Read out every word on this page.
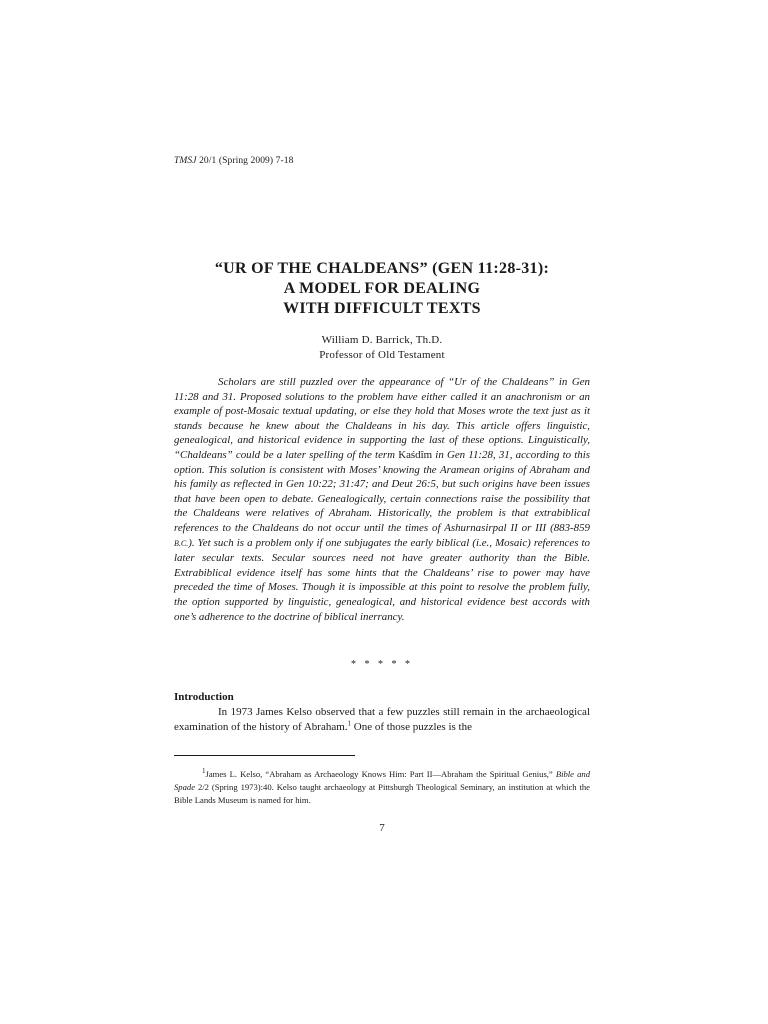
TMSJ 20/1 (Spring 2009) 7-18
“UR OF THE CHALDEANS” (GEN 11:28-31):
A MODEL FOR DEALING
WITH DIFFICULT TEXTS
William D. Barrick, Th.D.
Professor of Old Testament

Scholars are still puzzled over the appearance of “Ur of the Chaldeans” in Gen 11:28 and 31. Proposed solutions to the problem have either called it an anachronism or an example of post-Mosaic textual updating, or else they hold that Moses wrote the text just as it stands because he knew about the Chaldeans in his day. This article offers linguistic, genealogical, and historical evidence in supporting the last of these options. Linguistically, “Chaldeans” could be a later spelling of the term Kaśdîm in Gen 11:28, 31, according to this option. This solution is consistent with Moses’ knowing the Aramean origins of Abraham and his family as reflected in Gen 10:22; 31:47; and Deut 26:5, but such origins have been issues that have been open to debate. Genealogically, certain connections raise the possibility that the Chaldeans were relatives of Abraham. Historically, the problem is that extrabiblical references to the Chaldeans do not occur until the times of Ashurnasirpal II or III (883-859 B.C.). Yet such is a problem only if one subjugates the early biblical (i.e., Mosaic) references to later secular texts. Secular sources need not have greater authority than the Bible. Extrabiblical evidence itself has some hints that the Chaldeans’ rise to power may have preceded the time of Moses. Though it is impossible at this point to resolve the problem fully, the option supported by linguistic, genealogical, and historical evidence best accords with one’s adherence to the doctrine of biblical inerrancy.

* * * * *
Introduction

In 1973 James Kelso observed that a few puzzles still remain in the archaeological examination of the history of Abraham.$^1$ One of those puzzles is the

$^1$James L. Kelso, “Abraham as Archaeology Knows Him: Part II—Abraham the Spiritual Genius,” Bible and Spade 2/2 (Spring 1973):40. Kelso taught archaeology at Pittsburgh Theological Seminary, an institution at which the Bible Lands Museum is named for him.

7
